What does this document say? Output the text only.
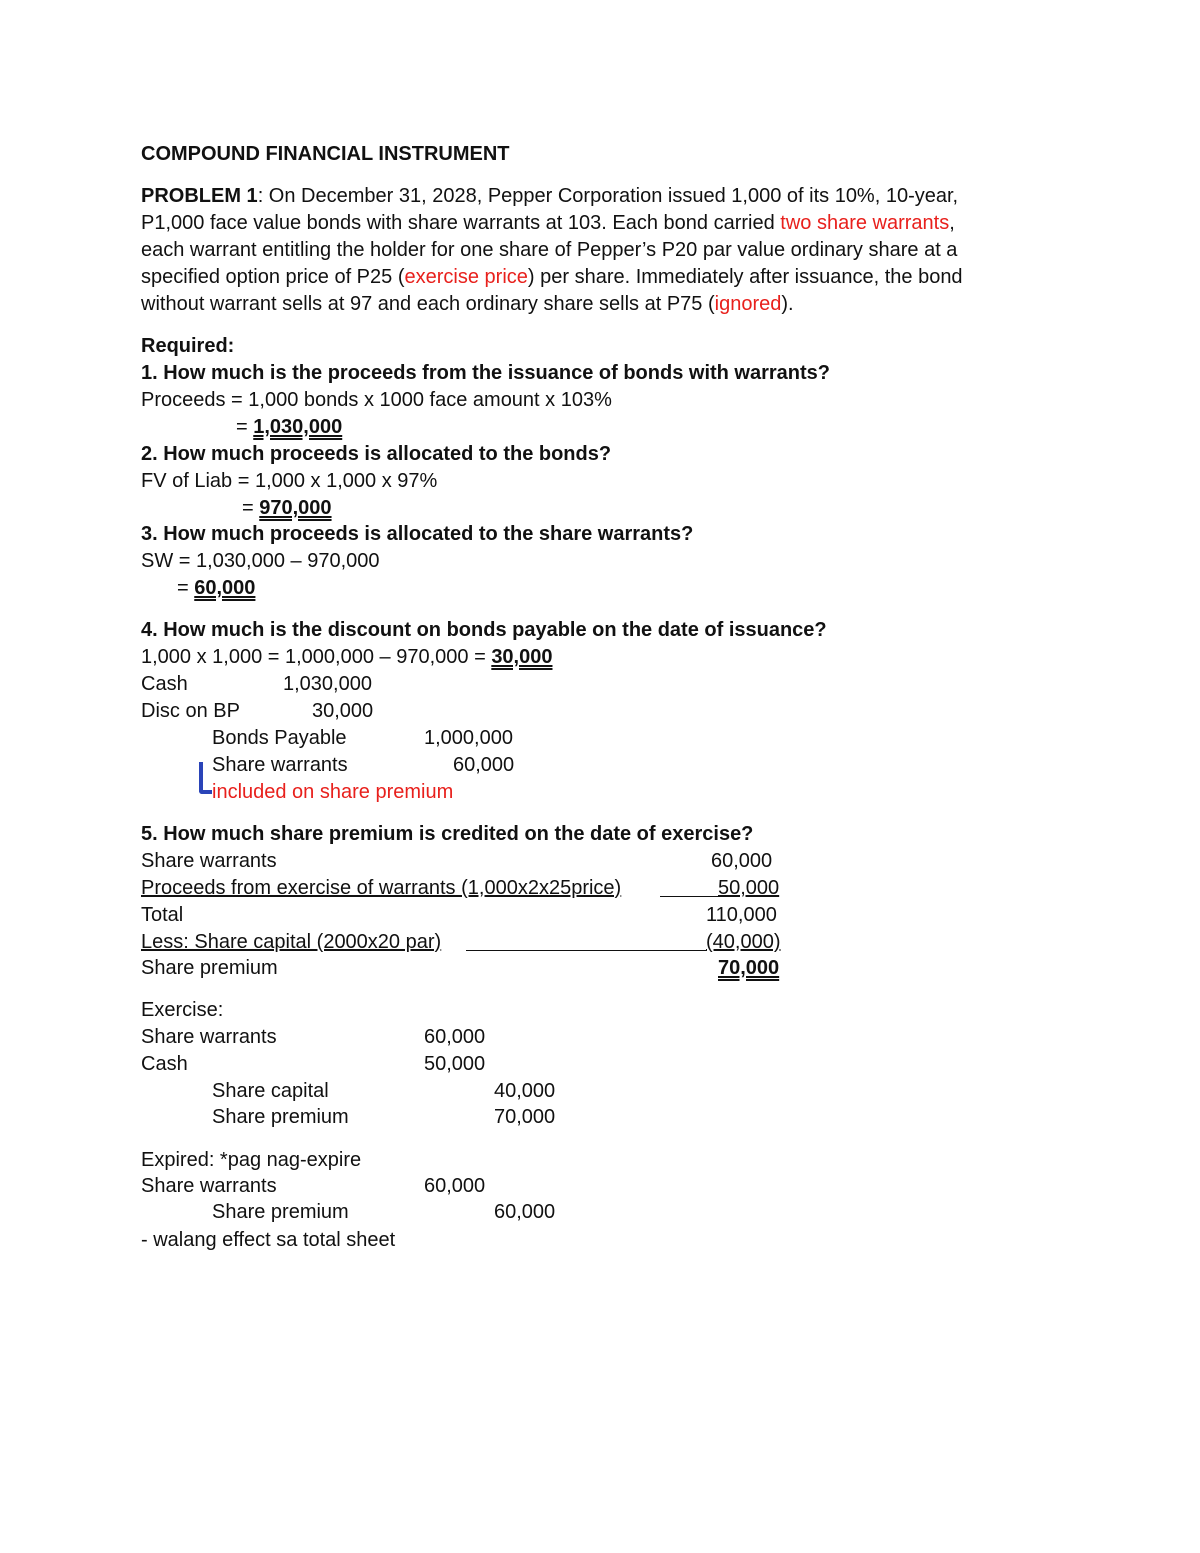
COMPOUND FINANCIAL INSTRUMENT
PROBLEM 1: On December 31, 2028, Pepper Corporation issued 1,000 of its 10%, 10-year,
P1,000 face value bonds with share warrants at 103. Each bond carried two share warrants,
each warrant entitling the holder for one share of Pepper’s P20 par value ordinary share at a
specified option price of P25 (exercise price) per share. Immediately after issuance, the bond
without warrant sells at 97 and each ordinary share sells at P75 (ignored).
Required:
1. How much is the proceeds from the issuance of bonds with warrants?
Proceeds = 1,000 bonds x 1000 face amount x 103%
= 1,030,000
2. How much proceeds is allocated to the bonds?
FV of Liab = 1,000 x 1,000 x 97%
= 970,000
3. How much proceeds is allocated to the share warrants?
SW = 1,030,000 – 970,000
= 60,000
4. How much is the discount on bonds payable on the date of issuance?
1,000 x 1,000 = 1,000,000 – 970,000 = 30,000
Cash	1,030,000
Disc on BP	30,000
Bonds Payable	1,000,000
Share warrants	60,000
included on share premium
5. How much share premium is credited on the date of exercise?
Share warrants	60,000
Proceeds from exercise of warrants (1,000x2x25price)	50,000
Total	110,000
Less: Share capital (2000x20 par)	(40,000)
Share premium	70,000
Exercise:
Share warrants	60,000
Cash	50,000
Share capital	40,000
Share premium	70,000
Expired: *pag nag-expire
Share warrants	60,000
Share premium	60,000
- walang effect sa total sheet
